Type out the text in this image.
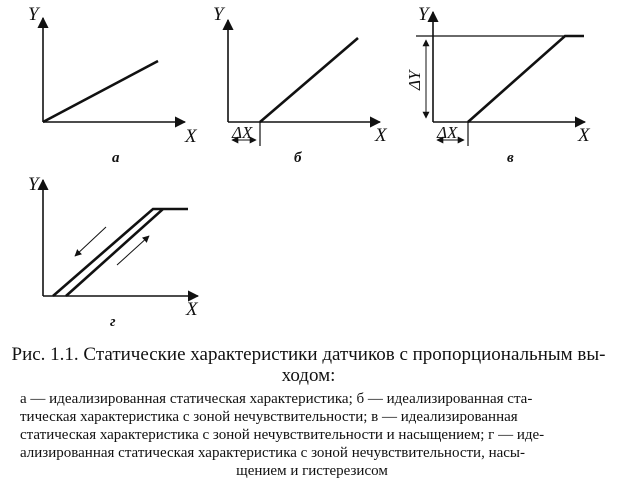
Y
X
а
Y
X
ΔX
б
Y
X
ΔY
ΔX
в
Y
X
г

Рис. 1.1. Статические характеристики датчиков с пропорциональным вы-
ходом:

а — идеализированная статическая характеристика; б — идеализированная ста-
тическая характеристика с зоной нечувствительности; в — идеализированная
статическая характеристика с зоной нечувствительности и насыщением; г — иде-
ализированная статическая характеристика с зоной нечувствительности, насы-
щением и гистерезисом
